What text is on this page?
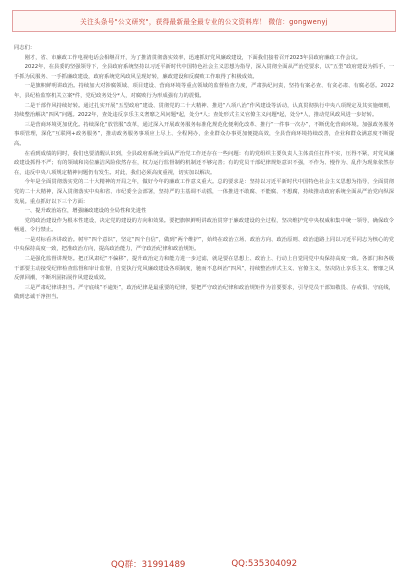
关注头条号"公文研究"，获得最新最全最专业的公文资料库！ 微信：gongwenyj

同志们：

刚才，省、市廉政工作电视电话会相继召开，为了推清贯彻落实效率，迅速抓好党风廉政建设，下面我们接着召开2023年县政府廉政工作会议。

2022年，在县委的坚强领导下，全县政府系统坚持以习近平新时代中国特色社会主义思想为指导，深入贯彻全面从严治党要求，以“五型”政府建设为抓手，一手抓为民服务、一手抓廉政建设，政府系统党风政风呈现好转，廉政建设和反腐败工作取得了积极成效。

一是旗帜鲜明讲政治。持续加大对涉腐领域、项目建设、营商环境等重点领域的监督检查力度，严肃执纪问责，坚持有案必查、有贪必肃、有腐必惩。2022年，县纪检监察机关立案*件，党纪政务处分*人，对腐败行为形成强有力的震慑。

二是干部作风持续好转。通过扎实开展“五型政府”建设、贯彻党的二十大精神、推进“八项八治”作风建设等活动，认真贯彻执行中央八项规定及其实施细则，持续整治解决“四风”问题。2022年，查处违反享乐主义奢靡之风问题*起，处分*人；查处形式主义官僚主义问题*起，处分*人，推动党风政风进一步好转。

三是营商环境更加优化。持续深化“放管服”改革，通过深入开展政务服务标准化规范化便利化改革、推行“一件事一次办”，不断优化营商环境。加强政务服务事项管理，深化“互联网+政务服务”，推动政务服务事项应上尽上、全程网办，企业群众办事更加便捷高效，全县营商环境持续改善，企业和群众满意度不断提高。

在看到成绩的同时，我们也要清醒认识到，全县政府系统全面从严治党工作还存在一些问题：有的党组织主要负责人主体责任扛得不实，压得不紧，对党风廉政建设抓得不严；有的领域和岗位廉洁风险依然存在，权力运行监督制约机制还不够完善；有的党员干部纪律规矩意识不强，不作为、慢作为、乱作为现象依然存在，违反中央八项规定精神问题仍有发生。对此，我们必须高度重视，切实加以解决。

今年是全面贯彻落实党的二十大精神的开局之年，做好今年的廉政工作意义重大。总的要求是：坚持以习近平新时代中国特色社会主义思想为指导，全面贯彻党的二十大精神，深入贯彻落实中央和省、市纪委全会部署，坚持严的主基调不动摇，一体推进不敢腐、不能腐、不想腐，持续推动政府系统全面从严治党向纵深发展。重点抓好以下三个方面：

一、提升政治站位，增强廉政建设的全局性和先进性

党的政治建设作为根本性建设，决定党的建设的方向和效果。要把旗帜鲜明讲政治贯穿于廉政建设的全过程，坚决维护党中央权威和集中统一领导，确保政令畅通、令行禁止。

一是对标看齐讲政治。树牢“四个意识”，坚定“四个自信”，做到“两个维护”，始终在政治立场、政治方向、政治原则、政治道路上同以习近平同志为核心的党中央保持高度一致，把准政治方向，提高政治能力，严守政治纪律和政治规矩。

二是强化监督讲规矩。把正风肃纪“不偏移”，提升政治定力和能力进一步过滤，就是要在思想上、政治上、行动上自觉同党中央保持高度一致。各部门和各级干部要主动接受纪律检查监督和审计监督，自觉执行党风廉政建设各项制度，驰而不息纠治“四风”，持续整治形式主义、官僚主义，坚决防止享乐主义、奢靡之风反弹回潮，不断巩固拓展作风建设成效。

三是严肃纪律讲担当。严守底线“不逾矩”，政治纪律是最重要的纪律，要把严守政治纪律和政治规矩作为首要要求，引导党员干部知敬畏、存戒惧、守底线，做到忠诚干净担当。

QQ群：31991489	QQ:535304092
